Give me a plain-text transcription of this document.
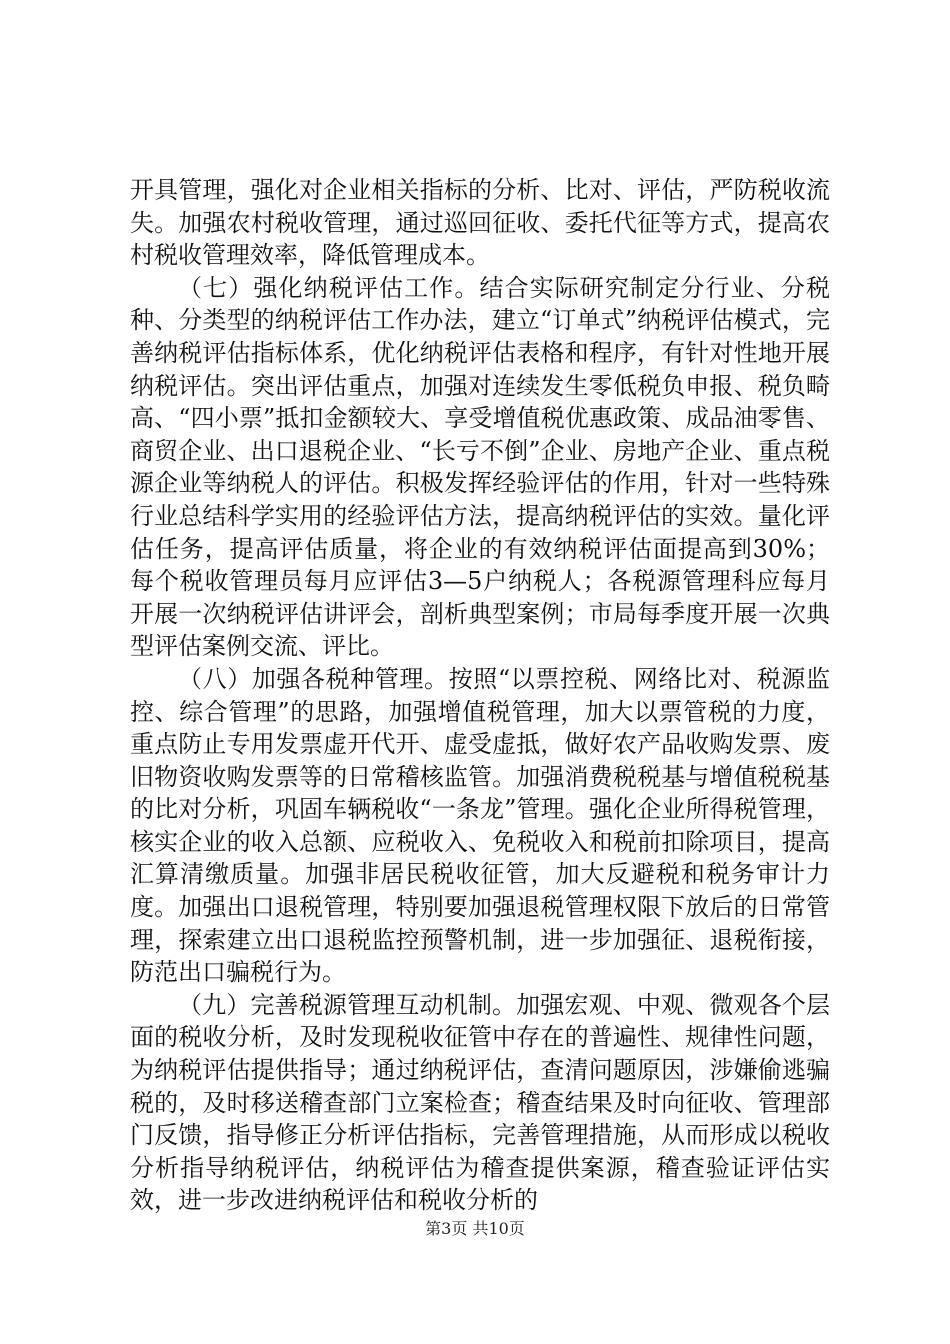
开具管理，强化对企业相关指标的分析、比对、评估，严防税收流失。加强农村税收管理，通过巡回征收、委托代征等方式，提高农村税收管理效率，降低管理成本。

（七）强化纳税评估工作。结合实际研究制定分行业、分税种、分类型的纳税评估工作办法，建立“订单式”纳税评估模式，完善纳税评估指标体系，优化纳税评估表格和程序，有针对性地开展纳税评估。突出评估重点，加强对连续发生零低税负申报、税负畸高、“四小票”抵扣金额较大、享受增值税优惠政策、成品油零售、商贸企业、出口退税企业、“长亏不倒”企业、房地产企业、重点税源企业等纳税人的评估。积极发挥经验评估的作用，针对一些特殊行业总结科学实用的经验评估方法，提高纳税评估的实效。量化评估任务，提高评估质量，将企业的有效纳税评估面提高到30%；每个税收管理员每月应评估3—5户纳税人；各税源管理科应每月开展一次纳税评估讲评会，剖析典型案例；市局每季度开展一次典型评估案例交流、评比。

（八）加强各税种管理。按照“以票控税、网络比对、税源监控、综合管理”的思路，加强增值税管理，加大以票管税的力度，重点防止专用发票虚开代开、虚受虚抵，做好农产品收购发票、废旧物资收购发票等的日常稽核监管。加强消费税税基与增值税税基的比对分析，巩固车辆税收“一条龙”管理。强化企业所得税管理，核实企业的收入总额、应税收入、免税收入和税前扣除项目，提高汇算清缴质量。加强非居民税收征管，加大反避税和税务审计力度。加强出口退税管理，特别要加强退税管理权限下放后的日常管理，探索建立出口退税监控预警机制，进一步加强征、退税衔接，防范出口骗税行为。

（九）完善税源管理互动机制。加强宏观、中观、微观各个层面的税收分析，及时发现税收征管中存在的普遍性、规律性问题，为纳税评估提供指导；通过纳税评估，查清问题原因，涉嫌偷逃骗税的，及时移送稽查部门立案检查；稽查结果及时向征收、管理部门反馈，指导修正分析评估指标，完善管理措施，从而形成以税收分析指导纳税评估，纳税评估为稽查提供案源，稽查验证评估实效，进一步改进纳税评估和税收分析的

第3页 共10页
